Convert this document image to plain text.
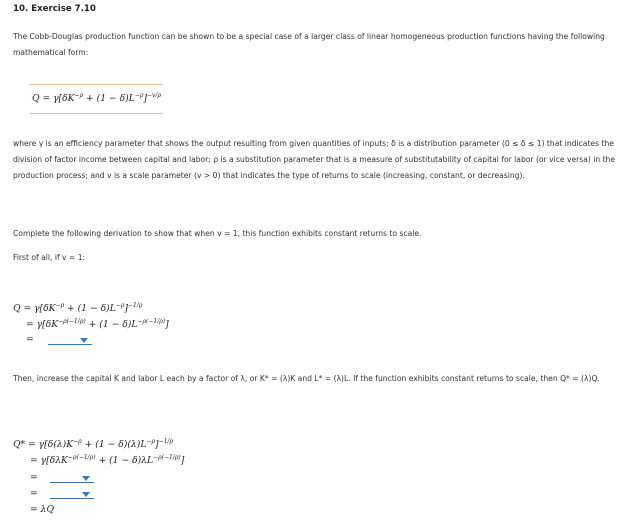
10. Exercise 7.10
The Cobb-Douglas production function can be shown to be a special case of a larger class of linear homogeneous production functions having the following mathematical form:
$Q = \gamma[\delta K^{-\rho} + (1 - \delta)L^{-\rho}]^{-v/\rho}$
where γ is an efficiency parameter that shows the output resulting from given quantities of inputs; δ is a distribution parameter (0 ≤ δ ≤ 1) that indicates the division of factor income between capital and labor; ρ is a substitution parameter that is a measure of substitutability of capital for labor (or vice versa) in the production process; and v is a scale parameter (v > 0) that indicates the type of returns to scale (increasing, constant, or decreasing).
Complete the following derivation to show that when v = 1, this function exhibits constant returns to scale.
First of all, if v = 1:
$Q = \gamma[\delta K^{-\rho} + (1 - \delta)L^{-\rho}]^{-1/\rho}$
= $\gamma[\delta K^{-\rho(-1/\rho)} + (1 - \delta)L^{-\rho(-1/\rho)}]$
=
Then, increase the capital K and labor L each by a factor of λ, or K* = (λ)K and L* = (λ)L. If the function exhibits constant returns to scale, then Q* = (λ)Q.
$Q* = \gamma[\delta(\lambda)K^{-\rho} + (1 - \delta)(\lambda)L^{-\rho}]^{-1/\rho}$
= $\gamma[\delta\lambda K^{-\rho(-1/\rho)} + (1 - \delta)\lambda L^{-\rho(-1/\rho)}]$
=
=
= λQ
